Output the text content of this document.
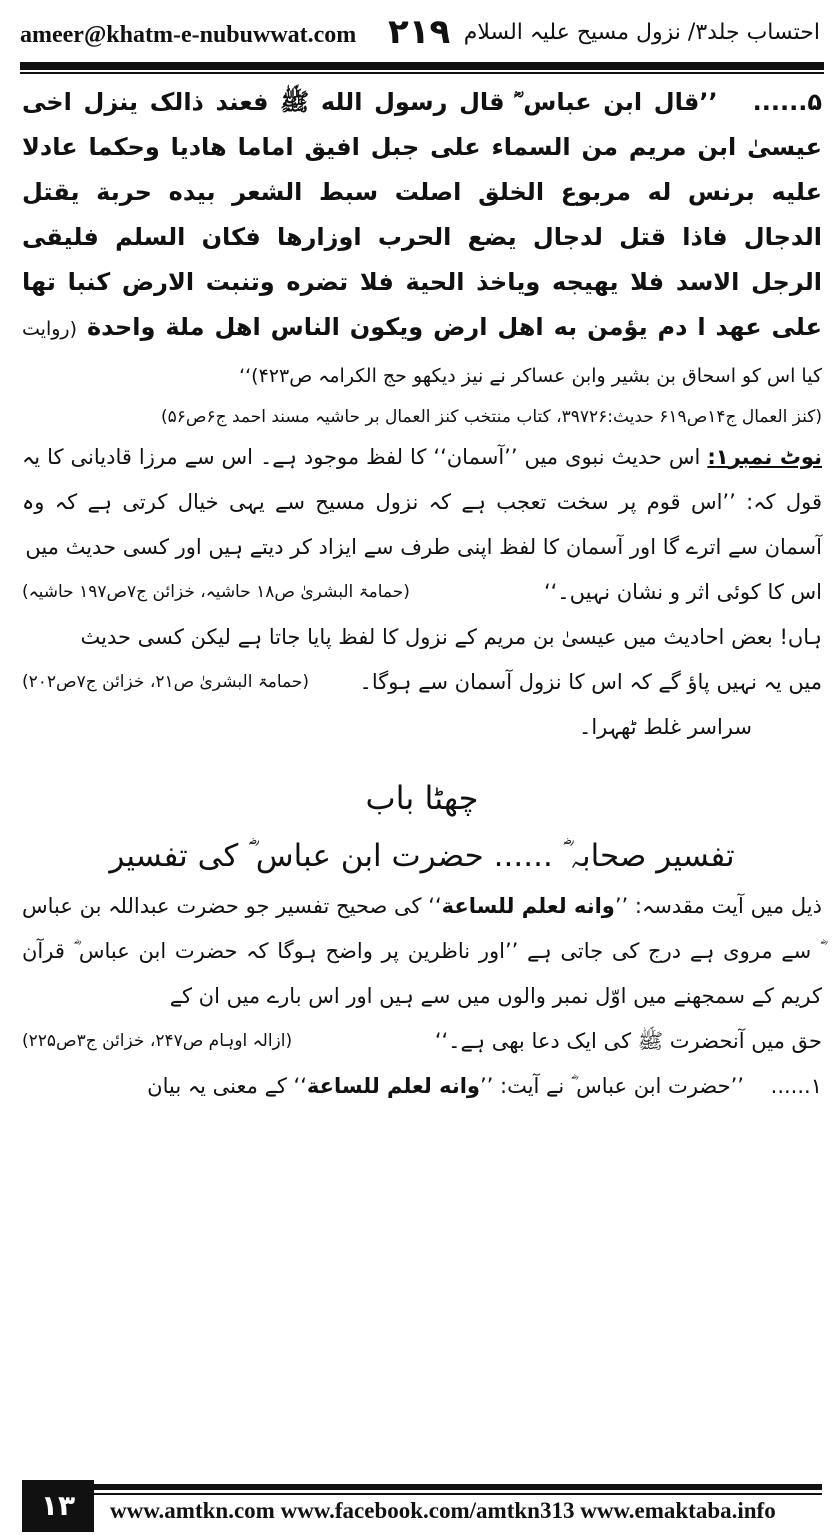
ameer@khatm-e-nubuwwat.com ۲۱۹ احتساب جلد۳/ نزول مسیح علیہ السلام

۵......   ’’قال ابن عباس ؓ قال رسول الله ﷺ فعند ذالک ینزل اخی عیسیٰ ابن مریم من السماء علی جبل افیق اماما هادیا وحکما عادلا علیه برنس له مربوع الخلق اصلت سبط الشعر بیده حربة یقتل الدجال فاذا قتل لدجال یضع الحرب اوزارها فکان السلم فلیقی الرجل الاسد فلا یهیجه ویاخذ الحیة فلا تضره وتنبت الارض کنبا تها علی عهد ا دم یؤمن به اهل ارض ویکون الناس اهل ملة واحدة (روایت کیا اس کو اسحاق بن بشیر وابن عساکر نے نیز دیکھو حج الکرامہ ص۴۲۳)‘‘

(کنز العمال ج۱۴ص۶۱۹ حدیث:۳۹۷۲۶، کتاب منتخب کنز العمال بر حاشیہ مسند احمد ج۶ص۵۶)

نوٹ نمبر۱: اس حدیث نبوی میں ’’آسمان‘‘ کا لفظ موجود ہے۔ اس سے مرزا قادیانی کا یہ قول کہ: ’’اس قوم پر سخت تعجب ہے کہ نزول مسیح سے یہی خیال کرتی ہے کہ وہ آسمان سے اترے گا اور آسمان کا لفظ اپنی طرف سے ایزاد کر دیتے ہیں اور کسی حدیث میں

اس کا کوئی اثر و نشان نہیں۔‘‘
(حمامۃ البشریٰ ص۱۸ حاشیہ، خزائن ج۷ص۱۹۷ حاشیہ)

ہاں! بعض احادیث میں عیسیٰ بن مریم کے نزول کا لفظ پایا جاتا ہے لیکن کسی حدیث

میں یہ نہیں پاؤ گے کہ اس کا نزول آسمان سے ہوگا۔
(حمامۃ البشریٰ ص۲۱، خزائن ج۷ص۲۰۲)

سراسر غلط ٹھہرا۔

چھٹا باب
تفسیر صحابہ ؓ ...... حضرت ابن عباس ؓ کی تفسیر

ذیل میں آیت مقدسہ: ’’وانه لعلم للساعة‘‘ کی صحیح تفسیر جو حضرت عبداللہ بن عباس ؓ سے مروی ہے درج کی جاتی ہے ’’اور ناظرین پر واضح ہوگا کہ حضرت ابن عباس ؓ قرآن کریم کے سمجھنے میں اوّل نمبر والوں میں سے ہیں اور اس بارے میں ان کے

حق میں آنحضرت ﷺ کی ایک دعا بھی ہے۔‘‘
(ازالہ اوہام ص۲۴۷، خزائن ج۳ص۲۲۵)

۱......    ’’حضرت ابن عباس ؓ نے آیت: ’’وانه لعلم للساعة‘‘ کے معنی یہ بیان

۱۳	www.amtkn.com www.facebook.com/amtkn313 www.emaktaba.info
